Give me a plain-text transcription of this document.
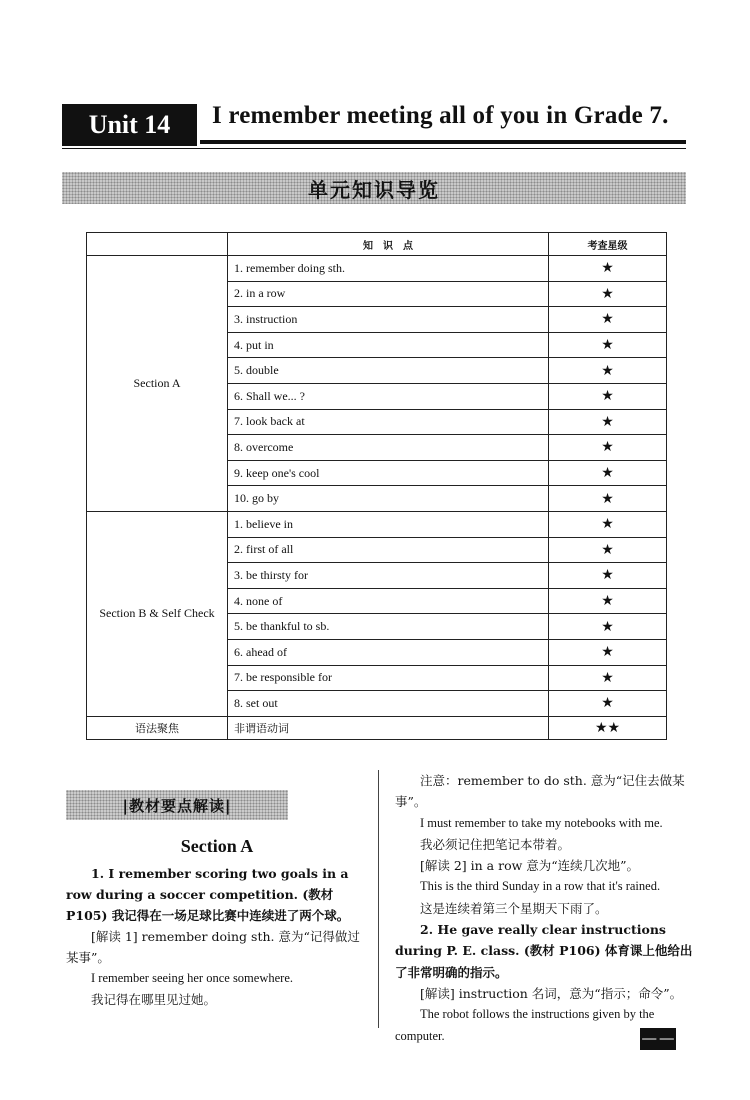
Unit 14 I remember meeting all of you in Grade 7.
单元知识导览
	知　识　点	考查星级
Section A	1. remember doing sth.	★
	2. in a row	★
	3. instruction	★
	4. put in	★
	5. double	★
	6. Shall we... ?	★
	7. look back at	★
	8. overcome	★
	9. keep one's cool	★
	10. go by	★
Section B & Self Check	1. believe in	★
	2. first of all	★
	3. be thirsty for	★
	4. none of	★
	5. be thankful to sb.	★
	6. ahead of	★
	7. be responsible for	★
	8. set out	★
语法聚焦	非谓语动词	★★
|教材要点解读|
Section A

1. I remember scoring two goals in a row during a soccer competition. (教材 P105) 我记得在一场足球比赛中连续进了两个球。

[解读 1] remember doing sth. 意为“记得做过某事”。

I remember seeing her once somewhere.

我记得在哪里见过她。

注意：remember to do sth. 意为“记住去做某事”。

I must remember to take my notebooks with me.

我必须记住把笔记本带着。

[解读 2] in a row 意为“连续几次地”。

This is the third Sunday in a row that it's rained.

这是连续着第三个星期天下雨了。

2. He gave really clear instructions during P. E. class. (教材 P106) 体育课上他给出了非常明确的指示。

[解读] instruction 名词，意为“指示；命令”。

The robot follows the instructions given by the computer.	— —
